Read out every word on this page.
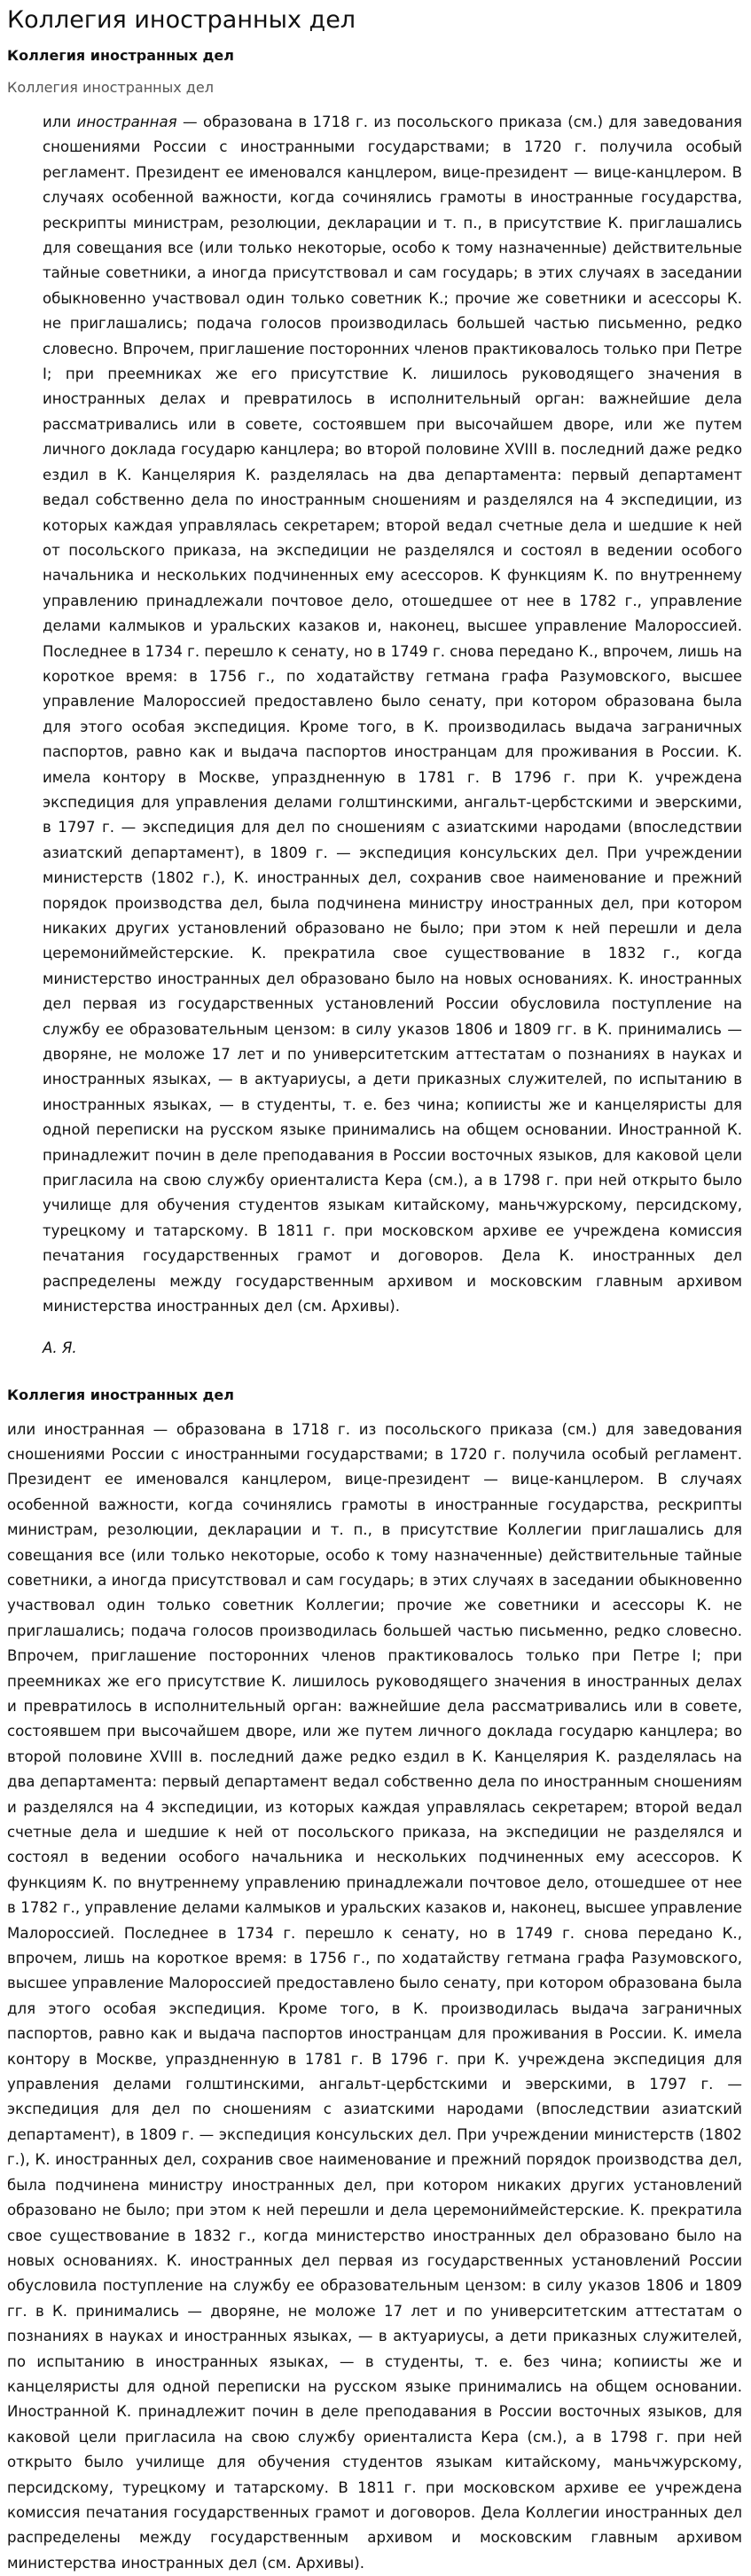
Коллегия иностранных дел
Коллегия иностранных дел
Коллегия иностранных дел

или иностранная — образована в 1718 г. из посольского приказа (см.) для заведования сношениями России с иностранными государствами; в 1720 г. получила особый регламент. Президент ее именовался канцлером, вице-президент — вице-канцлером. В случаях особенной важности, когда сочинялись грамоты в иностранные государства, рескрипты министрам, резолюции, декларации и т. п., в присутствие К. приглашались для совещания все (или только некоторые, особо к тому назначенные) действительные тайные советники, а иногда присутствовал и сам государь; в этих случаях в заседании обыкновенно участвовал один только советник К.; прочие же советники и асессоры К. не приглашались; подача голосов производилась большей частью письменно, редко словесно. Впрочем, приглашение посторонних членов практиковалось только при Петре I; при преемниках же его присутствие К. лишилось руководящего значения в иностранных делах и превратилось в исполнительный орган: важнейшие дела рассматривались или в совете, состоявшем при высочайшем дворе, или же путем личного доклада государю канцлера; во второй половине XVIII в. последний даже редко ездил в К. Канцелярия К. разделялась на два департамента: первый департамент ведал собственно дела по иностранным сношениям и разделялся на 4 экспедиции, из которых каждая управлялась секретарем; второй ведал счетные дела и шедшие к ней от посольского приказа, на экспедиции не разделялся и состоял в ведении особого начальника и нескольких подчиненных ему асессоров. К функциям К. по внутреннему управлению принадлежали почтовое дело, отошедшее от нее в 1782 г., управление делами калмыков и уральских казаков и, наконец, высшее управление Малороссией. Последнее в 1734 г. перешло к сенату, но в 1749 г. снова передано К., впрочем, лишь на короткое время: в 1756 г., по ходатайству гетмана графа Разумовского, высшее управление Малороссией предоставлено было сенату, при котором образована была для этого особая экспедиция. Кроме того, в К. производилась выдача заграничных паспортов, равно как и выдача паспортов иностранцам для проживания в России. К. имела контору в Москве, упраздненную в 1781 г. В 1796 г. при К. учреждена экспедиция для управления делами голштинскими, ангальт-цербстскими и эверскими, в 1797 г. — экспедиция для дел по сношениям с азиатскими народами (впоследствии азиатский департамент), в 1809 г. — экспедиция консульских дел. При учреждении министерств (1802 г.), К. иностранных дел, сохранив свое наименование и прежний порядок производства дел, была подчинена министру иностранных дел, при котором никаких других установлений образовано не было; при этом к ней перешли и дела церемониймейстерские. К. прекратила свое существование в 1832 г., когда министерство иностранных дел образовано было на новых основаниях. К. иностранных дел первая из государственных установлений России обусловила поступление на службу ее образовательным цензом: в силу указов 1806 и 1809 гг. в К. принимались — дворяне, не моложе 17 лет и по университетским аттестатам о познаниях в науках и иностранных языках, — в актуариусы, а дети приказных служителей, по испытанию в иностранных языках, — в студенты, т. е. без чина; копиисты же и канцеляристы для одной переписки на русском языке принимались на общем основании. Иностранной К. принадлежит почин в деле преподавания в России восточных языков, для каковой цели пригласила на свою службу ориенталиста Кера (см.), а в 1798 г. при ней открыто было училище для обучения студентов языкам китайскому, маньчжурскому, персидскому, турецкому и татарскому. В 1811 г. при московском архиве ее учреждена комиссия печатания государственных грамот и договоров. Дела К. иностранных дел распределены между государственным архивом и московским главным архивом министерства иностранных дел (см. Архивы).

А. Я.
Коллегия иностранных дел

или иностранная — образована в 1718 г. из посольского приказа (см.) для заведования сношениями России с иностранными государствами; в 1720 г. получила особый регламент. Президент ее именовался канцлером, вице-президент — вице-канцлером. В случаях особенной важности, когда сочинялись грамоты в иностранные государства, рескрипты министрам, резолюции, декларации и т. п., в присутствие Коллегии приглашались для совещания все (или только некоторые, особо к тому назначенные) действительные тайные советники, а иногда присутствовал и сам государь; в этих случаях в заседании обыкновенно участвовал один только советник Коллегии; прочие же советники и асессоры К. не приглашались; подача голосов производилась большей частью письменно, редко словесно. Впрочем, приглашение посторонних членов практиковалось только при Петре I; при преемниках же его присутствие К. лишилось руководящего значения в иностранных делах и превратилось в исполнительный орган: важнейшие дела рассматривались или в совете, состоявшем при высочайшем дворе, или же путем личного доклада государю канцлера; во второй половине XVIII в. последний даже редко ездил в К. Канцелярия К. разделялась на два департамента: первый департамент ведал собственно дела по иностранным сношениям и разделялся на 4 экспедиции, из которых каждая управлялась секретарем; второй ведал счетные дела и шедшие к ней от посольского приказа, на экспедиции не разделялся и состоял в ведении особого начальника и нескольких подчиненных ему асессоров. К функциям К. по внутреннему управлению принадлежали почтовое дело, отошедшее от нее в 1782 г., управление делами калмыков и уральских казаков и, наконец, высшее управление Малороссией. Последнее в 1734 г. перешло к сенату, но в 1749 г. снова передано К., впрочем, лишь на короткое время: в 1756 г., по ходатайству гетмана графа Разумовского, высшее управление Малороссией предоставлено было сенату, при котором образована была для этого особая экспедиция. Кроме того, в К. производилась выдача заграничных паспортов, равно как и выдача паспортов иностранцам для проживания в России. К. имела контору в Москве, упраздненную в 1781 г. В 1796 г. при К. учреждена экспедиция для управления делами голштинскими, ангальт-цербстскими и эверскими, в 1797 г. — экспедиция для дел по сношениям с азиатскими народами (впоследствии азиатский департамент), в 1809 г. — экспедиция консульских дел. При учреждении министерств (1802 г.), К. иностранных дел, сохранив свое наименование и прежний порядок производства дел, была подчинена министру иностранных дел, при котором никаких других установлений образовано не было; при этом к ней перешли и дела церемониймейстерские. К. прекратила свое существование в 1832 г., когда министерство иностранных дел образовано было на новых основаниях. К. иностранных дел первая из государственных установлений России обусловила поступление на службу ее образовательным цензом: в силу указов 1806 и 1809 гг. в К. принимались — дворяне, не моложе 17 лет и по университетским аттестатам о познаниях в науках и иностранных языках, — в актуариусы, а дети приказных служителей, по испытанию в иностранных языках, — в студенты, т. е. без чина; копиисты же и канцеляристы для одной переписки на русском языке принимались на общем основании. Иностранной К. принадлежит почин в деле преподавания в России восточных языков, для каковой цели пригласила на свою службу ориенталиста Кера (см.), а в 1798 г. при ней открыто было училище для обучения студентов языкам китайскому, маньчжурскому, персидскому, турецкому и татарскому. В 1811 г. при московском архиве ее учреждена комиссия печатания государственных грамот и договоров. Дела Коллегии иностранных дел распределены между государственным архивом и московским главным архивом министерства иностранных дел (см. Архивы).
